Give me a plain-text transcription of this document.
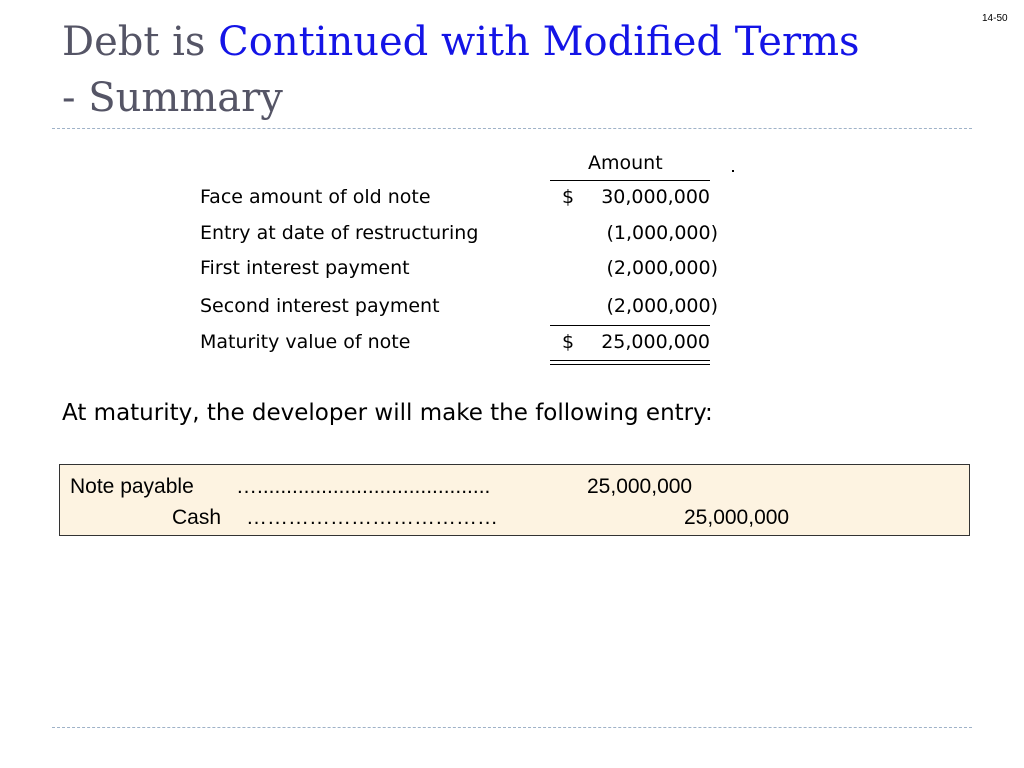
14-50
Debt is Continued with Modified Terms
- Summary
Amount
Face amount of old note	$ 30,000,000
Entry at date of restructuring	(1,000,000)
First interest payment	(2,000,000)
Second interest payment	(2,000,000)
Maturity value of note	$ 25,000,000
At maturity, the developer will make the following entry:
Note payable …........................................	25,000,000
Cash ………………………………	25,000,000
